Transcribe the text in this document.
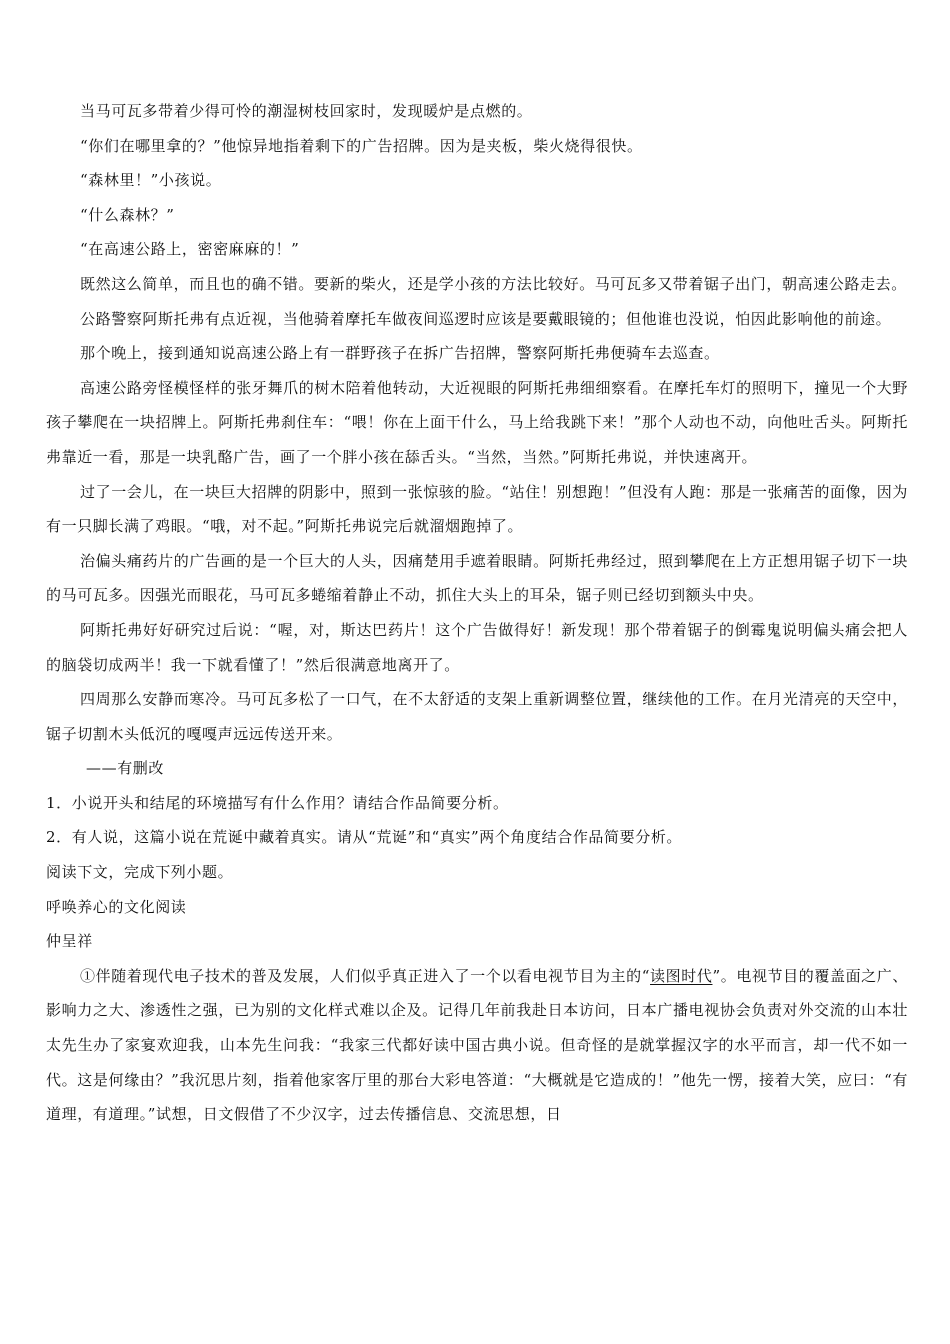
当马可瓦多带着少得可怜的潮湿树枝回家时，发现暖炉是点燃的。

“你们在哪里拿的？”他惊异地指着剩下的广告招牌。因为是夹板，柴火烧得很快。

“森林里！”小孩说。

“什么森林？”

“在高速公路上，密密麻麻的！”

既然这么简单，而且也的确不错。要新的柴火，还是学小孩的方法比较好。马可瓦多又带着锯子出门，朝高速公路走去。

公路警察阿斯托弗有点近视，当他骑着摩托车做夜间巡逻时应该是要戴眼镜的；但他谁也没说，怕因此影响他的前途。

那个晚上，接到通知说高速公路上有一群野孩子在拆广告招牌，警察阿斯托弗便骑车去巡查。

高速公路旁怪模怪样的张牙舞爪的树木陪着他转动，大近视眼的阿斯托弗细细察看。在摩托车灯的照明下，撞见一个大野孩子攀爬在一块招牌上。阿斯托弗刹住车：“喂！你在上面干什么，马上给我跳下来！”那个人动也不动，向他吐舌头。阿斯托弗靠近一看，那是一块乳酪广告，画了一个胖小孩在舔舌头。“当然，当然。”阿斯托弗说，并快速离开。

过了一会儿，在一块巨大招牌的阴影中，照到一张惊骇的脸。“站住！别想跑！”但没有人跑：那是一张痛苦的面像，因为有一只脚长满了鸡眼。“哦，对不起。”阿斯托弗说完后就溜烟跑掉了。

治偏头痛药片的广告画的是一个巨大的人头，因痛楚用手遮着眼睛。阿斯托弗经过，照到攀爬在上方正想用锯子切下一块的马可瓦多。因强光而眼花，马可瓦多蜷缩着静止不动，抓住大头上的耳朵，锯子则已经切到额头中央。

阿斯托弗好好研究过后说：“喔，对，斯达巴药片！这个广告做得好！新发现！那个带着锯子的倒霉鬼说明偏头痛会把人的脑袋切成两半！我一下就看懂了！”然后很满意地离开了。

四周那么安静而寒冷。马可瓦多松了一口气，在不太舒适的支架上重新调整位置，继续他的工作。在月光清亮的天空中，锯子切割木头低沉的嘎嘎声远远传送开来。

——有删改

1．小说开头和结尾的环境描写有什么作用？请结合作品简要分析。

2．有人说，这篇小说在荒诞中藏着真实。请从“荒诞”和“真实”两个角度结合作品简要分析。

阅读下文，完成下列小题。

呼唤养心的文化阅读

仲呈祥

①伴随着现代电子技术的普及发展，人们似乎真正进入了一个以看电视节目为主的“读图时代”。电视节目的覆盖面之广、影响力之大、渗透性之强，已为别的文化样式难以企及。记得几年前我赴日本访问，日本广播电视协会负责对外交流的山本壮太先生办了家宴欢迎我，山本先生问我：“我家三代都好读中国古典小说。但奇怪的是就掌握汉字的水平而言，却一代不如一代。这是何缘由？”我沉思片刻，指着他家客厅里的那台大彩电答道：“大概就是它造成的！”他先一愣，接着大笑，应曰：“有道理，有道理。”试想，日文假借了不少汉字，过去传播信息、交流思想，日
